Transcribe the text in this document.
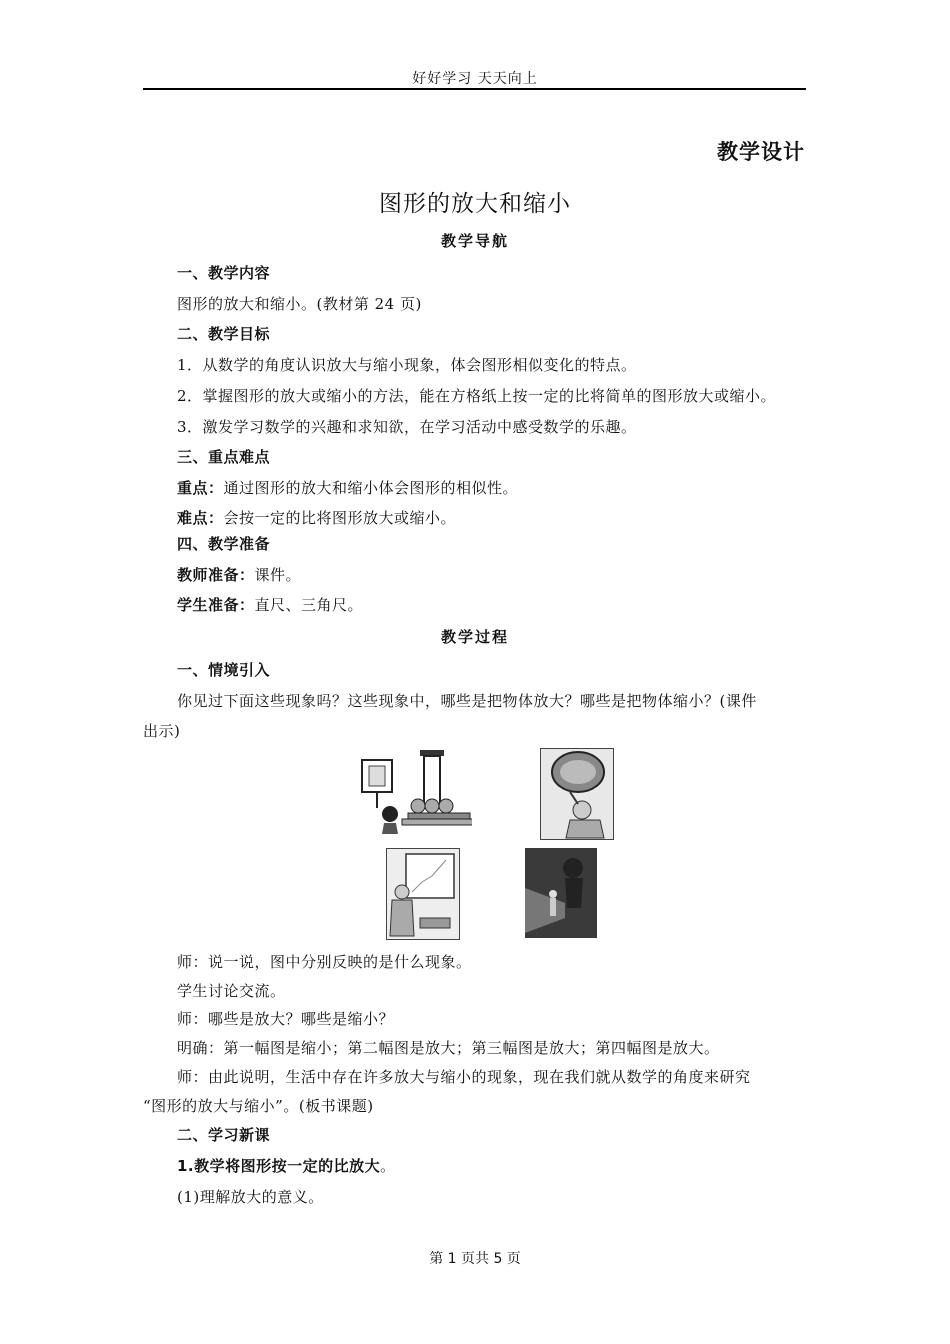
好好学习 天天向上
教学设计
图形的放大和缩小
教学导航
一、教学内容
图形的放大和缩小。(教材第 24 页)
二、教学目标
1．从数学的角度认识放大与缩小现象，体会图形相似变化的特点。
2．掌握图形的放大或缩小的方法，能在方格纸上按一定的比将简单的图形放大或缩小。
3．激发学习数学的兴趣和求知欲，在学习活动中感受数学的乐趣。
三、重点难点
重点：通过图形的放大和缩小体会图形的相似性。
难点：会按一定的比将图形放大或缩小。
四、教学准备
教师准备：课件。
学生准备：直尺、三角尺。
教学过程
一、情境引入
你见过下面这些现象吗？这些现象中，哪些是把物体放大？哪些是把物体缩小？(课件
出示)
师：说一说，图中分别反映的是什么现象。
学生讨论交流。
师：哪些是放大？哪些是缩小？
明确：第一幅图是缩小；第二幅图是放大；第三幅图是放大；第四幅图是放大。
师：由此说明，生活中存在许多放大与缩小的现象，现在我们就从数学的角度来研究
“图形的放大与缩小”。(板书课题)
二、学习新课
1.教学将图形按一定的比放大。
(1)理解放大的意义。
第 1 页共 5 页
